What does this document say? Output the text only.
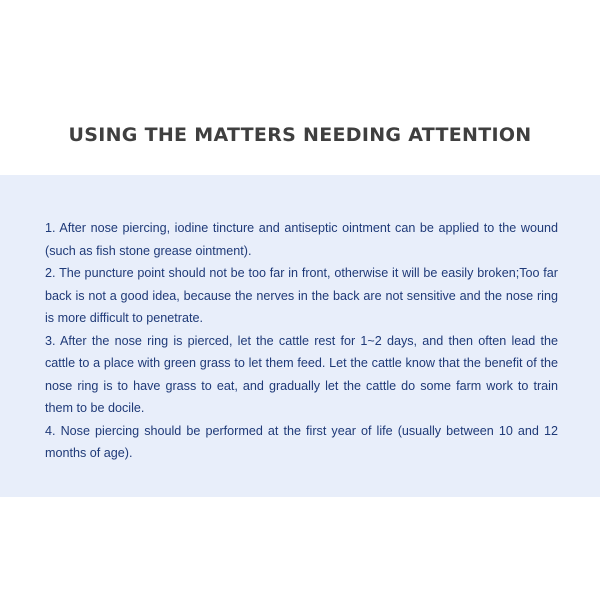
USING THE MATTERS NEEDING ATTENTION

1. After nose piercing, iodine tincture and antiseptic ointment can be applied to the wound (such as fish stone grease ointment).

2. The puncture point should not be too far in front, otherwise it will be easily broken;Too far back is not a good idea, because the nerves in the back are not sensitive and the nose ring is more difficult to penetrate.

3. After the nose ring is pierced, let the cattle rest for 1~2 days, and then often lead the cattle to a place with green grass to let them feed. Let the cattle know that the benefit of the nose ring is to have grass to eat, and gradually let the cattle do some farm work to train them to be docile.

4. Nose piercing should be performed at the first year of life (usually between 10 and 12 months of age).
